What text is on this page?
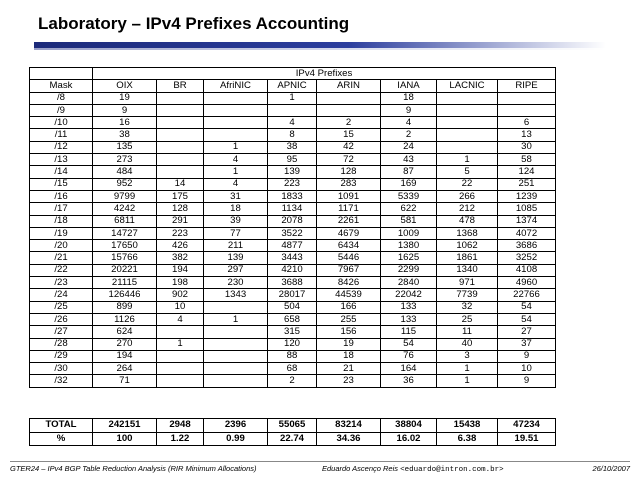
Laboratory – IPv4 Prefixes Accounting
	IPv4 Prefixes							
Mask	OIX	BR	AfriNIC	APNIC	ARIN	IANA	LACNIC	RIPE
/8	19			1		18		
/9	9					9		
/10	16			4	2	4		6
/11	38			8	15	2		13
/12	135		1	38	42	24		30
/13	273		4	95	72	43	1	58
/14	484		1	139	128	87	5	124
/15	952	14	4	223	283	169	22	251
/16	9799	175	31	1833	1091	5339	266	1239
/17	4242	128	18	1134	1171	622	212	1085
/18	6811	291	39	2078	2261	581	478	1374
/19	14727	223	77	3522	4679	1009	1368	4072
/20	17650	426	211	4877	6434	1380	1062	3686
/21	15766	382	139	3443	5446	1625	1861	3252
/22	20221	194	297	4210	7967	2299	1340	4108
/23	21115	198	230	3688	8426	2840	971	4960
/24	126446	902	1343	28017	44539	22042	7739	22766
/25	899	10		504	166	133	32	54
/26	1126	4	1	658	255	133	25	54
/27	624			315	156	115	11	27
/28	270	1		120	19	54	40	37
/29	194			88	18	76	3	9
/30	264			68	21	164	1	10
/32	71			2	23	36	1	9
TOTAL	242151	2948	2396	55065	83214	38804	15438	47234
%	100	1.22	0.99	22.74	34.36	16.02	6.38	19.51
GTER24 – IPv4 BGP Table Reduction Analysis (RIR Minimum Allocations)	Eduardo Ascenço Reis <eduardo@intron.com.br>	26/10/2007
